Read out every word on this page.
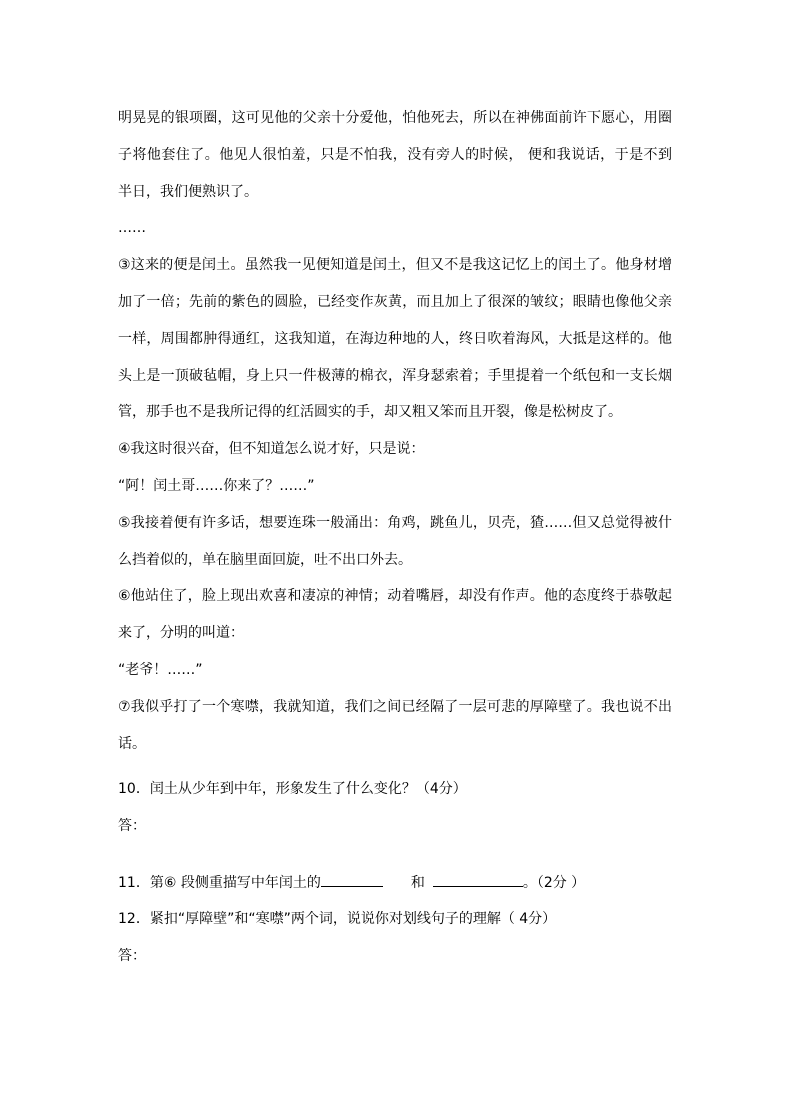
明晃晃的银项圈，这可见他的父亲十分爱他，怕他死去，所以在神佛面前许下愿心，用圈
子将他套住了。他见人很怕羞，只是不怕我，没有旁人的时候， 便和我说话，于是不到
半日，我们便熟识了。
……
③这来的便是闰土。虽然我一见便知道是闰土，但又不是我这记忆上的闰土了。他身材增
加了一倍；先前的紫色的圆脸，已经变作灰黄，而且加上了很深的皱纹；眼睛也像他父亲
一样，周围都肿得通红，这我知道，在海边种地的人，终日吹着海风，大抵是这样的。他
头上是一顶破毡帽，身上只一件极薄的棉衣，浑身瑟索着；手里提着一个纸包和一支长烟
管，那手也不是我所记得的红活圆实的手，却又粗又笨而且开裂，像是松树皮了。
④我这时很兴奋，但不知道怎么说才好，只是说：
“阿！闰土哥……你来了？……”
⑤我接着便有许多话，想要连珠一般涌出：角鸡，跳鱼儿，贝壳，猹……但又总觉得被什
么挡着似的，单在脑里面回旋，吐不出口外去。
⑥他站住了，脸上现出欢喜和凄凉的神情；动着嘴唇，却没有作声。他的态度终于恭敬起
来了，分明的叫道：
“老爷！……”
⑦我似乎打了一个寒噤，我就知道，我们之间已经隔了一层可悲的厚障壁了。我也说不出
话。
10．闰土从少年到中年，形象发生了什么变化？（4分）
答：
11．第⑥ 段侧重描写中年闰土的	和	。（2分 ）
12．紧扣“厚障壁”和“寒噤”两个词，说说你对划线句子的理解（ 4分）
答：
